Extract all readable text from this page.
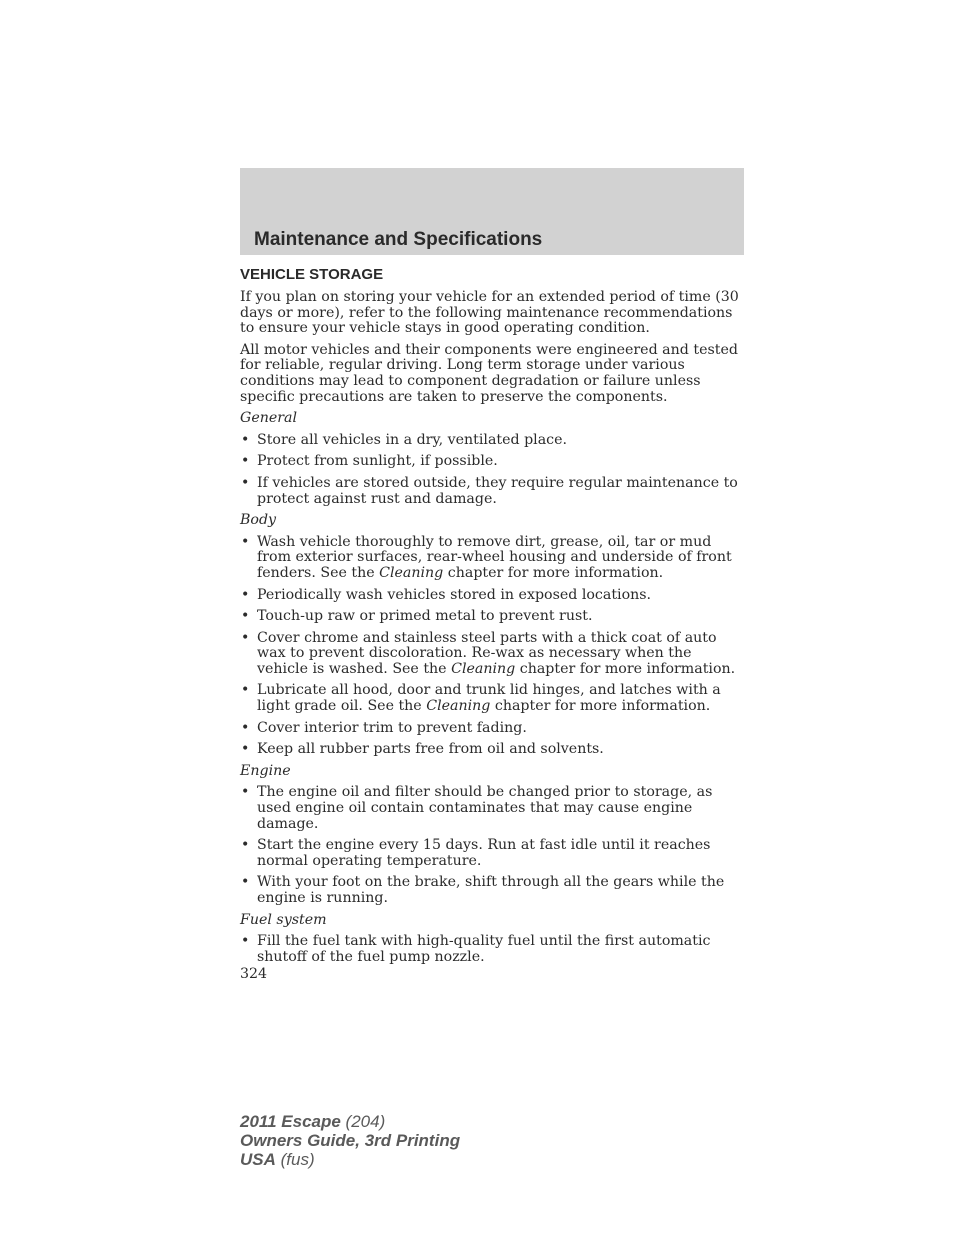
Maintenance and Specifications
VEHICLE STORAGE

If you plan on storing your vehicle for an extended period of time (30 days or more), refer to the following maintenance recommendations to ensure your vehicle stays in good operating condition.

All motor vehicles and their components were engineered and tested for reliable, regular driving. Long term storage under various conditions may lead to component degradation or failure unless specific precautions are taken to preserve the components.

General

• Store all vehicles in a dry, ventilated place.
• Protect from sunlight, if possible.
• If vehicles are stored outside, they require regular maintenance to protect against rust and damage.

Body

• Wash vehicle thoroughly to remove dirt, grease, oil, tar or mud from exterior surfaces, rear-wheel housing and underside of front fenders. See the Cleaning chapter for more information.
• Periodically wash vehicles stored in exposed locations.
• Touch-up raw or primed metal to prevent rust.
• Cover chrome and stainless steel parts with a thick coat of auto wax to prevent discoloration. Re-wax as necessary when the vehicle is washed. See the Cleaning chapter for more information.
• Lubricate all hood, door and trunk lid hinges, and latches with a light grade oil. See the Cleaning chapter for more information.
• Cover interior trim to prevent fading.
• Keep all rubber parts free from oil and solvents.

Engine

• The engine oil and filter should be changed prior to storage, as used engine oil contain contaminates that may cause engine damage.
• Start the engine every 15 days. Run at fast idle until it reaches normal operating temperature.
• With your foot on the brake, shift through all the gears while the engine is running.

Fuel system

• Fill the fuel tank with high-quality fuel until the first automatic shutoff of the fuel pump nozzle.

324

2011 Escape (204)
Owners Guide, 3rd Printing
USA (fus)
